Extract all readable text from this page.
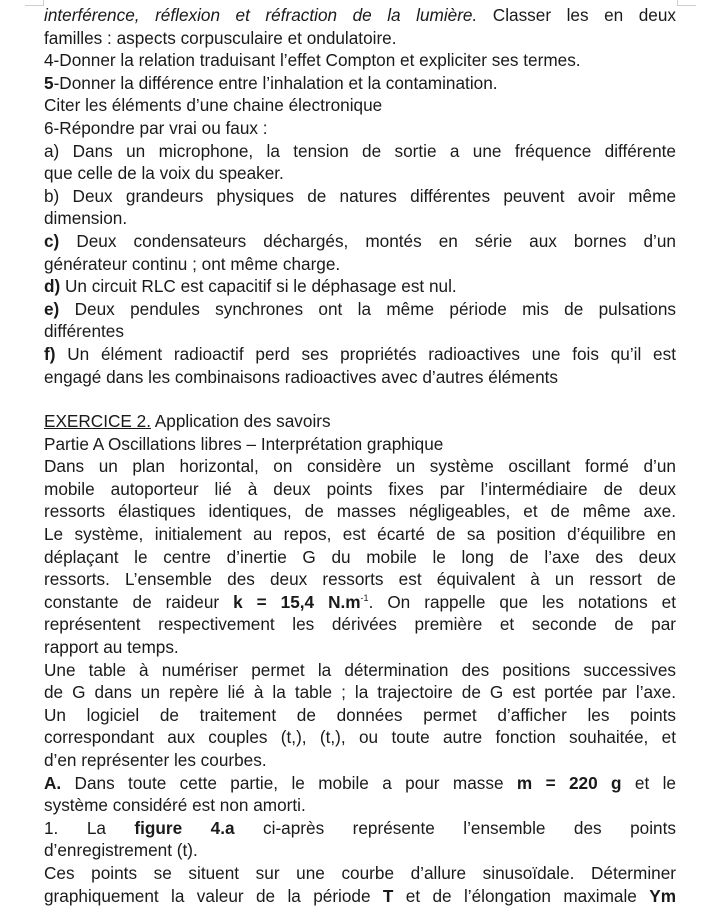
interférence, réflexion et réfraction de la lumière. Classer les en deux
familles : aspects corpusculaire et ondulatoire.
4-Donner la relation traduisant l’effet Compton et expliciter ses termes.
5-Donner la différence entre l’inhalation et la contamination.
Citer les éléments d’une chaine électronique
6-Répondre par vrai ou faux :
a) Dans un microphone, la tension de sortie a une fréquence différente
que celle de la voix du speaker.
b) Deux grandeurs physiques de natures différentes peuvent avoir même
dimension.
c) Deux condensateurs déchargés, montés en série aux bornes d’un
générateur continu ; ont même charge.
d) Un circuit RLC est capacitif si le déphasage est nul.
e) Deux pendules synchrones ont la même période mis de pulsations
différentes
f) Un élément radioactif perd ses propriétés radioactives une fois qu’il est
engagé dans les combinaisons radioactives avec d’autres éléments
EXERCICE 2. Application des savoirs
Partie A Oscillations libres – Interprétation graphique
Dans un plan horizontal, on considère un système oscillant formé d’un
mobile autoporteur lié à deux points fixes par l’intermédiaire de deux
ressorts élastiques identiques, de masses négligeables, et de même axe.
Le système, initialement au repos, est écarté de sa position d’équilibre en
déplaçant le centre d’inertie G du mobile le long de l’axe des deux
ressorts. L’ensemble des deux ressorts est équivalent à un ressort de
constante de raideur k = 15,4 $N.m^{-1}$. On rappelle que les notations et
représentent respectivement les dérivées première et seconde de par
rapport au temps.
Une table à numériser permet la détermination des positions successives
de G dans un repère lié à la table ; la trajectoire de G est portée par l’axe.
Un logiciel de traitement de données permet d’afficher les points
correspondant aux couples (t,), (t,), ou toute autre fonction souhaitée, et
d’en représenter les courbes.
A. Dans toute cette partie, le mobile a pour masse m = 220 g et le
système considéré est non amorti.
1. La figure 4.a ci-après représente l’ensemble des points
d’enregistrement (t).
Ces points se situent sur une courbe d’allure sinusoïdale. Déterminer
graphiquement la valeur de la période T et de l’élongation maximale Ym
